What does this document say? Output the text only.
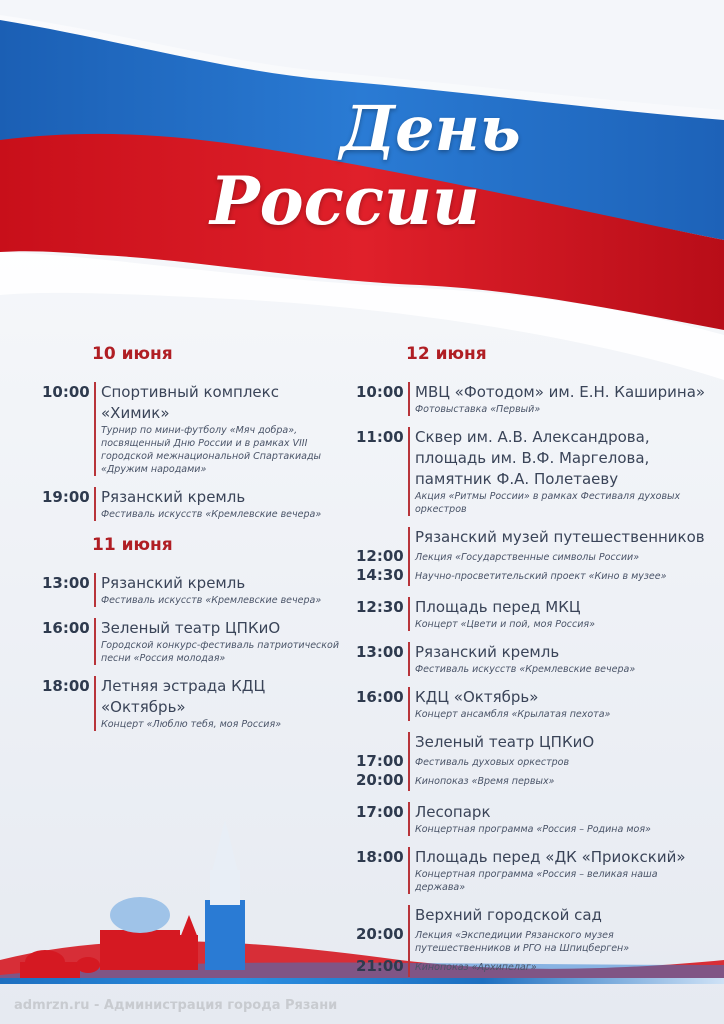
День
России
10 июня
10:00 Спортивный комплекс «Химик»
Турнир по мини-футболу «Мяч добра», посвященный Дню России и в рамках VIII городской межнациональной Спартакиады «Дружим народами»
19:00 Рязанский кремль
Фестиваль искусств «Кремлевские вечера»
11 июня
13:00 Рязанский кремль
Фестиваль искусств «Кремлевские вечера»
16:00 Зеленый театр ЦПКиО
Городской конкурс-фестиваль патриотической песни «Россия молодая»
18:00 Летняя эстрада КДЦ «Октябрь»
Концерт «Люблю тебя, моя Россия»
12 июня
10:00 МВЦ «Фотодом» им. Е.Н. Каширина»
Фотовыставка «Первый»
11:00 Сквер им. А.В. Александрова, площадь им. В.Ф. Маргелова, памятник Ф.А. Полетаеву
Акция «Ритмы России» в рамках Фестиваля духовых оркестров
Рязанский музей путешественников
12:00	Лекция «Государственные символы России»
14:30	Научно-просветительский проект «Кино в музее»
12:30 Площадь перед МКЦ
Концерт «Цвети и пой, моя Россия»
13:00 Рязанский кремль
Фестиваль искусств «Кремлевские вечера»
16:00 КДЦ «Октябрь»
Концерт ансамбля «Крылатая пехота»
Зеленый театр ЦПКиО
17:00	Фестиваль духовых оркестров
20:00	Кинопоказ «Время первых»
17:00 Лесопарк
Концертная программа «Россия – Родина моя»
18:00 Площадь перед «ДК «Приокский»
Концертная программа «Россия – великая наша держава»
Верхний городской сад
20:00	Лекция «Экспедиции Рязанского музея путешественников и РГО на Шпицберген»
21:00	Кинопоказ «Архипелаг»
admrzn.ru - Администрация города Рязани
